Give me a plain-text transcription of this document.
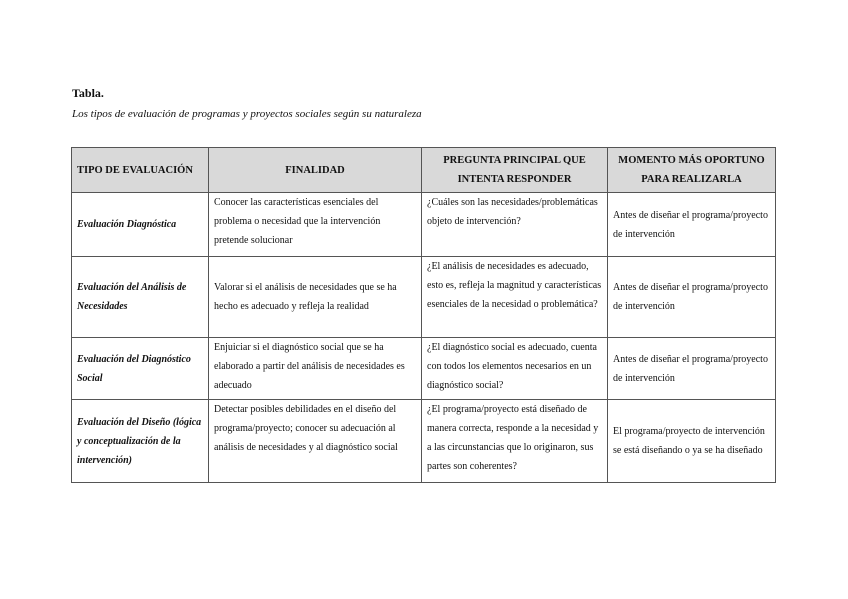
Tabla.
Los tipos de evaluación de programas y proyectos sociales según su naturaleza
TIPO DE EVALUACIÓN	FINALIDAD	PREGUNTA PRINCIPAL QUE INTENTA RESPONDER	MOMENTO MÁS OPORTUNO PARA REALIZARLA
Evaluación Diagnóstica	Conocer las características esenciales del problema o necesidad que la intervención pretende solucionar	¿Cuáles son las necesidades/problemáticas objeto de intervención?	Antes de diseñar el programa/proyecto de intervención
Evaluación del Análisis de Necesidades	Valorar si el análisis de necesidades que se ha hecho es adecuado y refleja la realidad	¿El análisis de necesidades es adecuado, esto es, refleja la magnitud y características esenciales de la necesidad o problemática?	Antes de diseñar el programa/proyecto de intervención
Evaluación del Diagnóstico Social	Enjuiciar si el diagnóstico social que se ha elaborado a partir del análisis de necesidades es adecuado	¿El diagnóstico social es adecuado, cuenta con todos los elementos necesarios en un diagnóstico social?	Antes de diseñar el programa/proyecto de intervención
Evaluación del Diseño (lógica y conceptualización de la intervención)	Detectar posibles debilidades en el diseño del programa/proyecto; conocer su adecuación al análisis de necesidades y al diagnóstico social	¿El programa/proyecto está diseñado de manera correcta, responde a la necesidad y a las circunstancias que lo originaron, sus partes son coherentes?	El programa/proyecto de intervención se está diseñando o ya se ha diseñado
